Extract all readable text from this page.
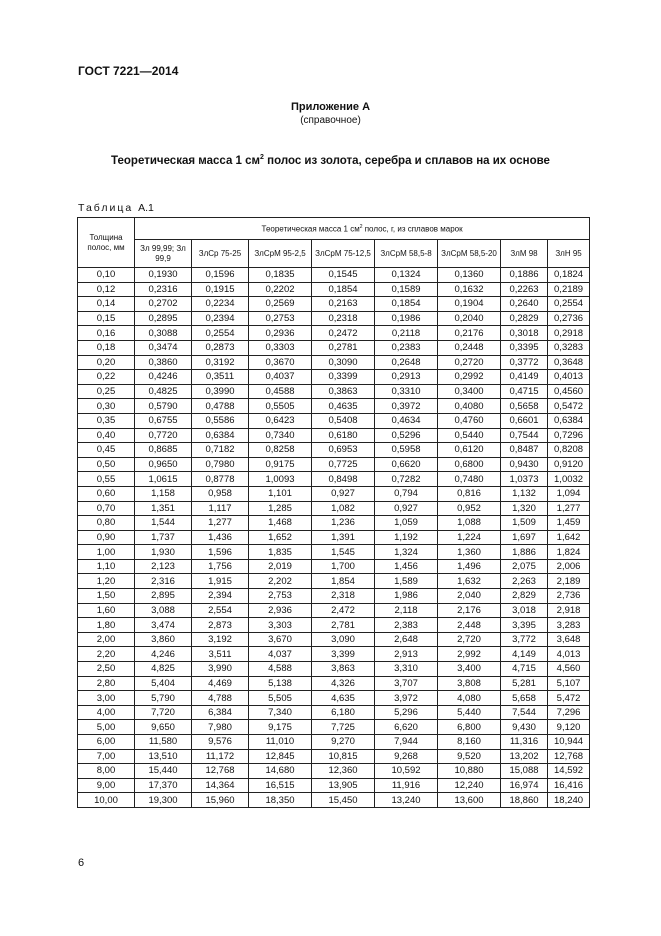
ГОСТ 7221—2014
Приложение А
(справочное)
Теоретическая масса 1 $см^2$ полос из золота, серебра и сплавов на их основе
Таблица А.1
Толщина полос, мм	Теоретическая масса 1 $см^2$ полос, г, из сплавов марок							
	Зл 99,99; Зл 99,9	ЗлСр 75-25	ЗлСрМ 95-2,5	ЗлСрМ 75-12,5	ЗлСрМ 58,5-8	ЗлСрМ 58,5-20	ЗлМ 98	ЗлН 95
0,10	0,1930	0,1596	0,1835	0,1545	0,1324	0,1360	0,1886	0,1824
0,12	0,2316	0,1915	0,2202	0,1854	0,1589	0,1632	0,2263	0,2189
0,14	0,2702	0,2234	0,2569	0,2163	0,1854	0,1904	0,2640	0,2554
0,15	0,2895	0,2394	0,2753	0,2318	0,1986	0,2040	0,2829	0,2736
0,16	0,3088	0,2554	0,2936	0,2472	0,2118	0,2176	0,3018	0,2918
0,18	0,3474	0,2873	0,3303	0,2781	0,2383	0,2448	0,3395	0,3283
0,20	0,3860	0,3192	0,3670	0,3090	0,2648	0,2720	0,3772	0,3648
0,22	0,4246	0,3511	0,4037	0,3399	0,2913	0,2992	0,4149	0,4013
0,25	0,4825	0,3990	0,4588	0,3863	0,3310	0,3400	0,4715	0,4560
0,30	0,5790	0,4788	0,5505	0,4635	0,3972	0,4080	0,5658	0,5472
0,35	0,6755	0,5586	0,6423	0,5408	0,4634	0,4760	0,6601	0,6384
0,40	0,7720	0,6384	0,7340	0,6180	0,5296	0,5440	0,7544	0,7296
0,45	0,8685	0,7182	0,8258	0,6953	0,5958	0,6120	0,8487	0,8208
0,50	0,9650	0,7980	0,9175	0,7725	0,6620	0,6800	0,9430	0,9120
0,55	1,0615	0,8778	1,0093	0,8498	0,7282	0,7480	1,0373	1,0032
0,60	1,158	0,958	1,101	0,927	0,794	0,816	1,132	1,094
0,70	1,351	1,117	1,285	1,082	0,927	0,952	1,320	1,277
0,80	1,544	1,277	1,468	1,236	1,059	1,088	1,509	1,459
0,90	1,737	1,436	1,652	1,391	1,192	1,224	1,697	1,642
1,00	1,930	1,596	1,835	1,545	1,324	1,360	1,886	1,824
1,10	2,123	1,756	2,019	1,700	1,456	1,496	2,075	2,006
1,20	2,316	1,915	2,202	1,854	1,589	1,632	2,263	2,189
1,50	2,895	2,394	2,753	2,318	1,986	2,040	2,829	2,736
1,60	3,088	2,554	2,936	2,472	2,118	2,176	3,018	2,918
1,80	3,474	2,873	3,303	2,781	2,383	2,448	3,395	3,283
2,00	3,860	3,192	3,670	3,090	2,648	2,720	3,772	3,648
2,20	4,246	3,511	4,037	3,399	2,913	2,992	4,149	4,013
2,50	4,825	3,990	4,588	3,863	3,310	3,400	4,715	4,560
2,80	5,404	4,469	5,138	4,326	3,707	3,808	5,281	5,107
3,00	5,790	4,788	5,505	4,635	3,972	4,080	5,658	5,472
4,00	7,720	6,384	7,340	6,180	5,296	5,440	7,544	7,296
5,00	9,650	7,980	9,175	7,725	6,620	6,800	9,430	9,120
6,00	11,580	9,576	11,010	9,270	7,944	8,160	11,316	10,944
7,00	13,510	11,172	12,845	10,815	9,268	9,520	13,202	12,768
8,00	15,440	12,768	14,680	12,360	10,592	10,880	15,088	14,592
9,00	17,370	14,364	16,515	13,905	11,916	12,240	16,974	16,416
10,00	19,300	15,960	18,350	15,450	13,240	13,600	18,860	18,240
6
